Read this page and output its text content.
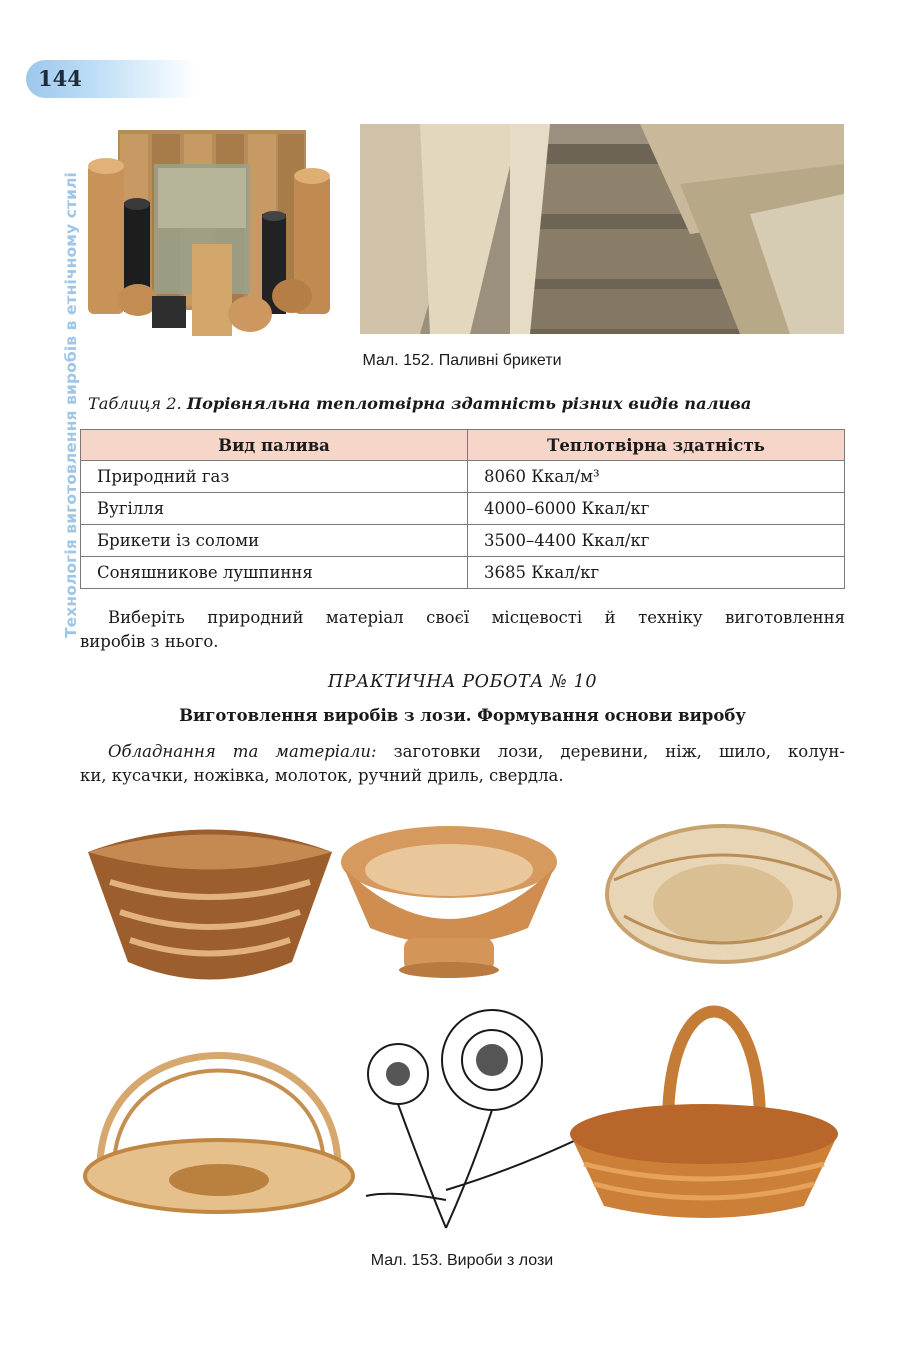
144
Технологія виготовлення виробів в етнічному стилі	Мал. 152. Паливні брикети
Таблиця 2. Порівняльна теплотвірна здатність різних видів палива
Вид палива	Теплотвірна здатність
Природний газ	8060 Ккал/м³
Вугілля	4000–6000 Ккал/кг
Брикети із соломи	3500–4400 Ккал/кг
Соняшникове лушпиння	3685 Ккал/кг
Виберіть природний матеріал своєї місцевості й техніку виготовлення
виробів з нього.
ПРАКТИЧНА РОБОТА № 10
Виготовлення виробів з лози. Формування основи виробу
Обладнання та матеріали: заготовки лози, деревини, ніж, шило, колун-
ки, кусачки, ножівка, молоток, ручний дриль, свердла.
Мал. 153. Вироби з лози
